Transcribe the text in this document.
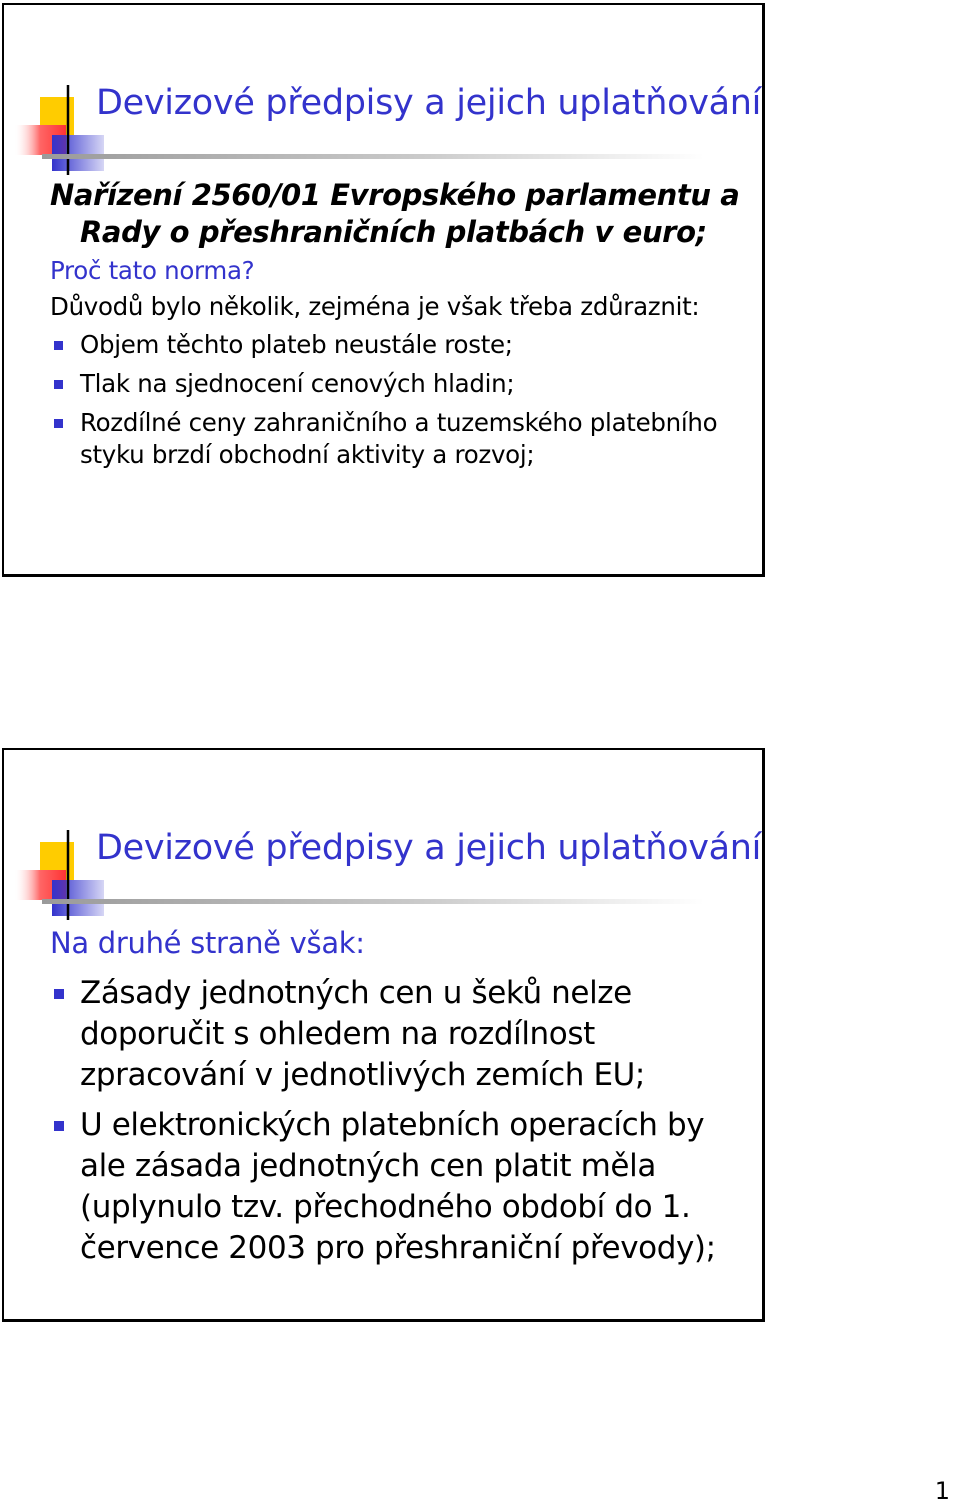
Devizové předpisy a jejich uplatňování

Nařízení 2560/01 Evropského parlamentu a Rady o přeshraničních platbách v euro;

Proč tato norma?

Důvodů bylo několik, zejména je však třeba zdůraznit:

Objem těchto plateb neustále roste;
Tlak na sjednocení cenových hladin;
Rozdílné ceny zahraničního a tuzemského platebního styku brzdí obchodní aktivity a rozvoj;
Devizové předpisy a jejich uplatňování

Na druhé straně však:

Zásady jednotných cen u šeků nelze doporučit s ohledem na rozdílnost zpracování v jednotlivých zemích EU;
U elektronických platebních operacích by ale zásada jednotných cen platit měla (uplynulo tzv. přechodného období do 1. července 2003 pro přeshraniční převody);
1
